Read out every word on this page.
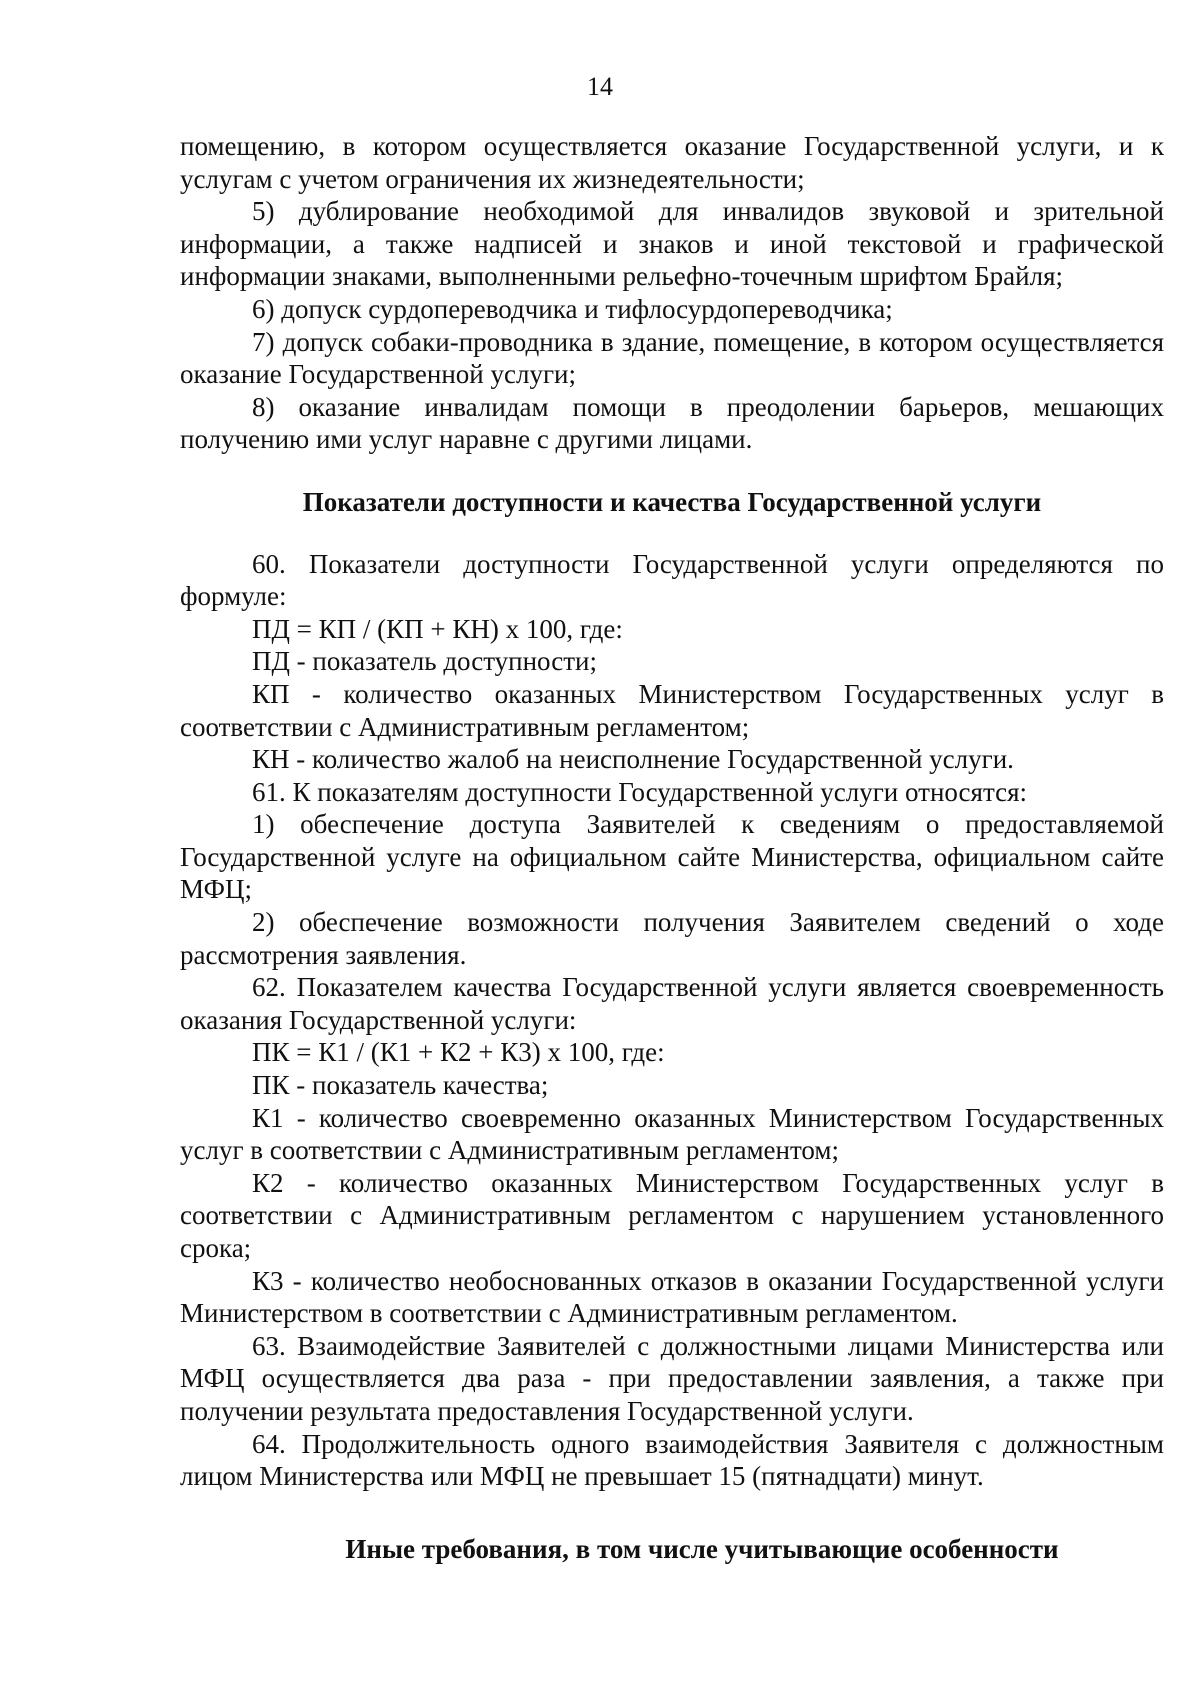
14

помещению, в котором осуществляется оказание Государственной услуги, и к услугам с учетом ограничения их жизнедеятельности;

5) дублирование необходимой для инвалидов звуковой и зрительной информации, а также надписей и знаков и иной текстовой и графической информации знаками, выполненными рельефно-точечным шрифтом Брайля;

6) допуск сурдопереводчика и тифлосурдопереводчика;

7) допуск собаки-проводника в здание, помещение, в котором осуществляется оказание Государственной услуги;

8) оказание инвалидам помощи в преодолении барьеров, мешающих получению ими услуг наравне с другими лицами.

Показатели доступности и качества Государственной услуги

60. Показатели доступности Государственной услуги определяются по формуле:

ПД = КП / (КП + КН) х 100, где:

ПД - показатель доступности;

КП - количество оказанных Министерством Государственных услуг в соответствии с Административным регламентом;

КН - количество жалоб на неисполнение Государственной услуги.

61. К показателям доступности Государственной услуги относятся:

1) обеспечение доступа Заявителей к сведениям о предоставляемой Государственной услуге на официальном сайте Министерства, официальном сайте МФЦ;

2) обеспечение возможности получения Заявителем сведений о ходе рассмотрения заявления.

62. Показателем качества Государственной услуги является своевременность оказания Государственной услуги:

ПК = К1 / (К1 + К2 + К3) х 100, где:

ПК - показатель качества;

К1 - количество своевременно оказанных Министерством Государственных услуг в соответствии с Административным регламентом;

К2 - количество оказанных Министерством Государственных услуг в соответствии с Административным регламентом с нарушением установленного срока;

К3 - количество необоснованных отказов в оказании Государственной услуги Министерством в соответствии с Административным регламентом.

63. Взаимодействие Заявителей с должностными лицами Министерства или МФЦ осуществляется два раза - при предоставлении заявления, а также при получении результата предоставления Государственной услуги.

64. Продолжительность одного взаимодействия Заявителя с должностным лицом Министерства или МФЦ не превышает 15 (пятнадцати) минут.

Иные требования, в том числе учитывающие особенности
